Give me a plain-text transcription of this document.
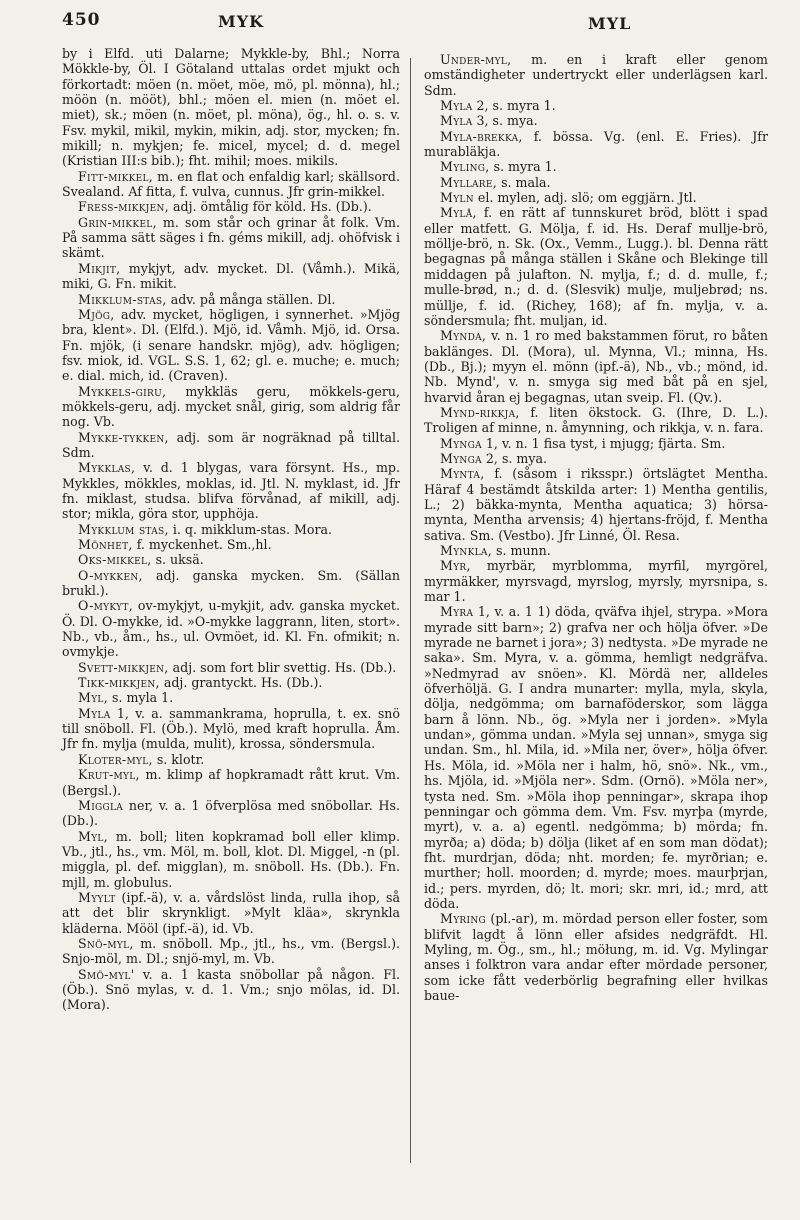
450	MYK	MYL

by i Elfd. uti Dalarne; Mykkle-by, Bhl.; Norra Mökkle-by, Öl. I Götaland uttalas ordet mjukt och förkortadt: möen (n. möet, möe, mö, pl. mönna), hl.; möön (n. mööt), bhl.; möen el. mien (n. möet el. miet), sk.; möen (n. möet, pl. möna), ög., hl. o. s. v. Fsv. mykil, mikil, mykin, mikin, adj. stor, mycken; fn. mikill; n. mykjen; fe. micel, mycel; d. d. megel (Kristian III:s bib.); fht. mihil; moes. mikils.

Fitt-mikkel, m. en flat och enfaldig karl; skällsord. Svealand. Af fitta, f. vulva, cunnus. Jfr grin-mikkel.

Fress-mikkjen, adj. ömtålig för köld. Hs. (Db.).

Grin-mikkel, m. som står och grinar åt folk. Vm. På samma sätt säges i fn. géms mikill, adj. ohöfvisk i skämt.

Mikjit, mykjyt, adv. mycket. Dl. (Våmh.). Mikä, miki, G. Fn. mikit.

Mikklum-stas, adv. på många ställen. Dl.

Mjög, adv. mycket, högligen, i synnerhet. »Mjög bra, klent». Dl. (Elfd.). Mjö, id. Våmh. Mjö, id. Orsa. Fn. mjök, (i senare handskr. mjög), adv. högligen; fsv. miok, id. VGL. S.S. 1, 62; gl. e. muche; e. much; e. dial. mich, id. (Craven).

Mykkels-giru, mykkläs geru, mökkels-geru, mökkels-geru, adj. mycket snål, girig, som aldrig får nog. Vb.

Mykke-tykken, adj. som är nogräknad på tilltal. Sdm.

Mykklas, v. d. 1 blygas, vara försynt. Hs., mp. Mykkles, mökkles, moklas, id. Jtl. N. myklast, id. Jfr fn. miklast, studsa. blifva förvånad, af mikill, adj. stor; mikla, göra stor, upphöja.

Mykklum stas, i. q. mikklum-stas. Mora.

Mönhet, f. myckenhet. Sm.,hl.

Oks-mikkel, s. uksä.

O-mykken, adj. ganska mycken. Sm. (Sällan brukl.).

O-mykyt, ov-mykjyt, u-mykjit, adv. ganska mycket. Ö. Dl. O-mykke, id. »O-mykke laggrann, liten, stort». Nb., vb., åm., hs., ul. Ovmöet, id. Kl. Fn. ofmikit; n. ovmykje.

Svett-mikkjen, adj. som fort blir svettig. Hs. (Db.).

Tikk-mikkjen, adj. grantyckt. Hs. (Db.).

Myl, s. myla 1.

Myla 1, v. a. sammankrama, hoprulla, t. ex. snö till snöboll. Fl. (Öb.). Mylö, med kraft hoprulla. Åm. Jfr fn. mylja (mulda, mulit), krossa, söndersmula.

Kloter-myl, s. klotr.

Krut-myl, m. klimp af hopkramadt rått krut. Vm. (Bergsl.).

Miggla ner, v. a. 1 öfverplösa med snöbollar. Hs. (Db.).

Myl, m. boll; liten kopkramad boll eller klimp. Vb., jtl., hs., vm. Möl, m. boll, klot. Dl. Miggel, -n (pl. miggla, pl. def. migglan), m. snöboll. Hs. (Db.). Fn. mjll, m. globulus.

Myylt (ipf.-ä), v. a. vårdslöst linda, rulla ihop, så att det blir skrynkligt. »Mylt kläa», skrynkla kläderna. Mööl (ipf.-ä), id. Vb.

Snö-myl, m. snöboll. Mp., jtl., hs., vm. (Bergsl.). Snjo-möl, m. Dl.; snjö-myl, m. Vb.

Smö-myl' v. a. 1 kasta snöbollar på någon. Fl. (Öb.). Snö mylas, v. d. 1. Vm.; snjo mölas, id. Dl. (Mora).

Under-myl, m. en i kraft eller genom omständigheter undertryckt eller underlägsen karl. Sdm.

Myla 2, s. myra 1.

Myla 3, s. mya.

Myla-brekka, f. bössa. Vg. (enl. E. Fries). Jfr murabläkja.

Myling, s. myra 1.

Myllare, s. mala.

Myln el. mylen, adj. slö; om eggjärn. Jtl.

Mylå, f. en rätt af tunnskuret bröd, blött i spad eller matfett. G. Mölja, f. id. Hs. Deraf mullje-brö, möllje-brö, n. Sk. (Ox., Vemm., Lugg.). bl. Denna rätt begagnas på många ställen i Skåne och Blekinge till middagen på julafton. N. mylja, f.; d. d. mulle, f.; mulle-brød, n.; d. d. (Slesvik) mulje, muljebrød; ns. müllje, f. id. (Richey, 168); af fn. mylja, v. a. söndersmula; fht. muljan, id.

Mynda, v. n. 1 ro med bakstammen förut, ro båten baklänges. Dl. (Mora), ul. Mynna, Vl.; minna, Hs. (Db., Bj.); myyn el. mönn (ipf.-ä), Nb., vb.; mönd, id. Nb. Mynd', v. n. smyga sig med båt på en sjel, hvarvid åran ej begagnas, utan sveip. Fl. (Qv.).

Mynd-rikkja, f. liten ökstock. G. (Ihre, D. L.). Troligen af minne, n. åmynning, och rikkja, v. n. fara.

Mynga 1, v. n. 1 fisa tyst, i mjugg; fjärta. Sm.

Mynga 2, s. mya.

Mynta, f. (såsom i riksspr.) örtslägtet Mentha. Häraf 4 bestämdt åtskilda arter: 1) Mentha gentilis, L.; 2) bäkka-mynta, Mentha aquatica; 3) hörsa-mynta, Mentha arvensis; 4) hjertans-fröjd, f. Mentha sativa. Sm. (Vestbo). Jfr Linné, Öl. Resa.

Mynkla, s. munn.

Myr, myrbär, myrblomma, myrfil, myrgörel, myrmäkker, myrsvagd, myrslog, myrsly, myrsnipa, s. mar 1.

Myra 1, v. a. 1 1) döda, qväfva ihjel, strypa. »Mora myrade sitt barn»; 2) grafva ner och hölja öfver. »De myrade ne barnet i jora»; 3) nedtysta. »De myrade ne saka». Sm. Myra, v. a. gömma, hemligt nedgräfva. »Nedmyrad av snöen». Kl. Mördä ner, alldeles öfverhöljä. G. I andra munarter: mylla, myla, skyla, dölja, nedgömma; om barnaföderskor, som lägga barn å lönn. Nb., ög. »Myla ner i jorden». »Myla undan», gömma undan. »Myla sej unnan», smyga sig undan. Sm., hl. Mila, id. »Mila ner, över», hölja öfver. Hs. Möla, id. »Möla ner i halm, hö, snö». Nk., vm., hs. Mjöla, id. »Mjöla ner». Sdm. (Ornö). »Möla ner», tysta ned. Sm. »Möla ihop penningar», skrapa ihop penningar och gömma dem. Vm. Fsv. myrþa (myrde, myrt), v. a. a) egentl. nedgömma; b) mörda; fn. myrða; a) döda; b) dölja (liket af en som man dödat); fht. murdrjan, döda; nht. morden; fe. myrðrian; e. murther; holl. moorden; d. myrde; moes. maurþrjan, id.; pers. myrden, dö; lt. mori; skr. mri, id.; mrd, att döda.

Myring (pl.-ar), m. mördad person eller foster, som blifvit lagdt å lönn eller afsides nedgräfdt. Hl. Myling, m. Ög., sm., hl.; möłung, m. id. Vg. Mylingar anses i folktron vara andar efter mördade personer, som icke fått vederbörlig begrafning eller hvilkas baue-
